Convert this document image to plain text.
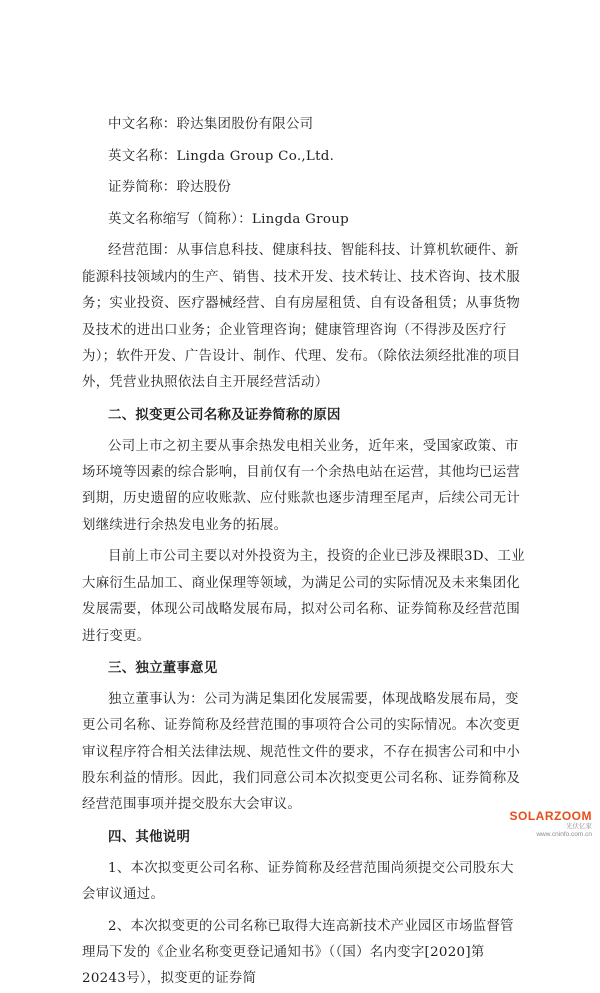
中文名称：聆达集团股份有限公司

英文名称：Lingda Group Co.,Ltd.

证券简称：聆达股份

英文名称缩写（简称）：Lingda Group

经营范围：从事信息科技、健康科技、智能科技、计算机软硬件、新能源科技领域内的生产、销售、技术开发、技术转让、技术咨询、技术服务；实业投资、医疗器械经营、自有房屋租赁、自有设备租赁；从事货物及技术的进出口业务；企业管理咨询；健康管理咨询（不得涉及医疗行为）；软件开发、广告设计、制作、代理、发布。（除依法须经批准的项目外，凭营业执照依法自主开展经营活动）

二、拟变更公司名称及证券简称的原因

公司上市之初主要从事余热发电相关业务，近年来，受国家政策、市场环境等因素的综合影响，目前仅有一个余热电站在运营，其他均已运营到期，历史遗留的应收账款、应付账款也逐步清理至尾声，后续公司无计划继续进行余热发电业务的拓展。

目前上市公司主要以对外投资为主，投资的企业已涉及裸眼3D、工业大麻衍生品加工、商业保理等领域，为满足公司的实际情况及未来集团化发展需要，体现公司战略发展布局，拟对公司名称、证券简称及经营范围进行变更。

三、独立董事意见

独立董事认为：公司为满足集团化发展需要，体现战略发展布局，变更公司名称、证券简称及经营范围的事项符合公司的实际情况。本次变更审议程序符合相关法律法规、规范性文件的要求，不存在损害公司和中小股东利益的情形。因此，我们同意公司本次拟变更公司名称、证券简称及经营范围事项并提交股东大会审议。

四、其他说明

1、本次拟变更公司名称、证券简称及经营范围尚须提交公司股东大会审议通过。

2、本次拟变更的公司名称已取得大连高新技术产业园区市场监督管理局下发的《企业名称变更登记通知书》（（国）名内变字[2020]第20243号），拟变更的证券简

SOLARZOOM
光伏亿家
www.cninfo.com.cn
